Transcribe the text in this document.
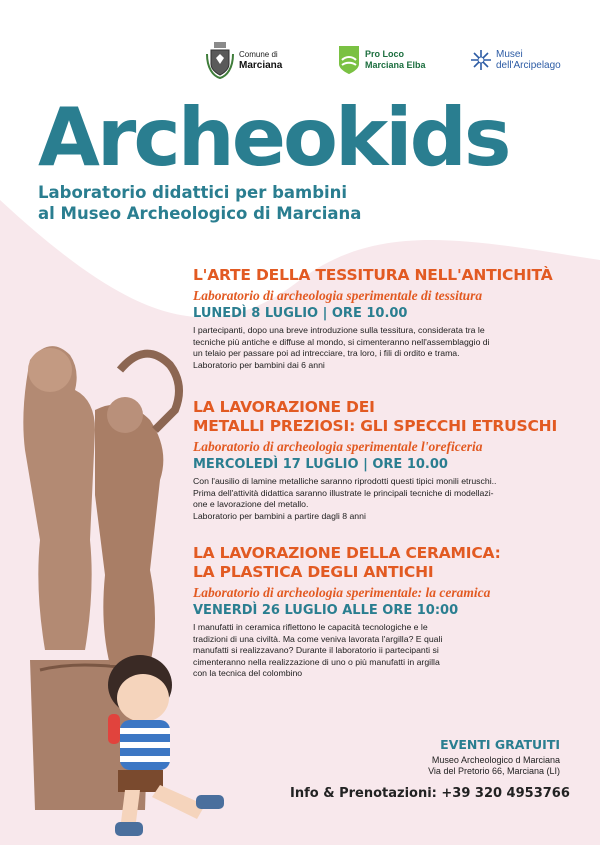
Comune di
Marciana
Pro Loco
Marciana Elba
Musei
dell'Arcipelago
Archeokids

Laboratorio didattici per bambini
al Museo Archeologico di Marciana

L'ARTE DELLA TESSITURA NELL'ANTICHITÀ

Laboratorio di archeologia sperimentale di tessitura

LUNEDÌ 8 LUGLIO | ORE 10.00

I partecipanti, dopo una breve introduzione sulla tessitura, considerata tra le
tecniche più antiche e diffuse al mondo, si cimenteranno nell'assemblaggio di
un telaio per passare poi ad intrecciare, tra loro, i fili di ordito e trama.
Laboratorio per bambini dai 6 anni

LA LAVORAZIONE DEI
METALLI PREZIOSI: GLI SPECCHI ETRUSCHI

Laboratorio di archeologia sperimentale l'oreficeria

MERCOLEDÌ 17 LUGLIO | ORE 10.00

Con l'ausilio di lamine metalliche saranno riprodotti questi tipici monili etruschi..
Prima dell'attività didattica saranno illustrate le principali tecniche di modellazi-
one e lavorazione del metallo.
Laboratorio per bambini a partire dagli 8 anni

LA LAVORAZIONE DELLA CERAMICA:
LA PLASTICA DEGLI ANTICHI

Laboratorio di archeologia sperimentale: la ceramica

VENERDÌ 26 LUGLIO ALLE ORE 10:00

I manufatti in ceramica riflettono le capacità tecnologiche e le
tradizioni di una civiltà. Ma come veniva lavorata l'argilla? E quali
manufatti si realizzavano? Durante il laboratorio ii partecipanti si
cimenteranno nella realizzazione di uno o più manufatti in argilla
con la tecnica del colombino

EVENTI GRATUITI

Museo Archeologico d Marciana
Via del Pretorio 66, Marciana (LI)
Info & Prenotazioni: +39 320 4953766
